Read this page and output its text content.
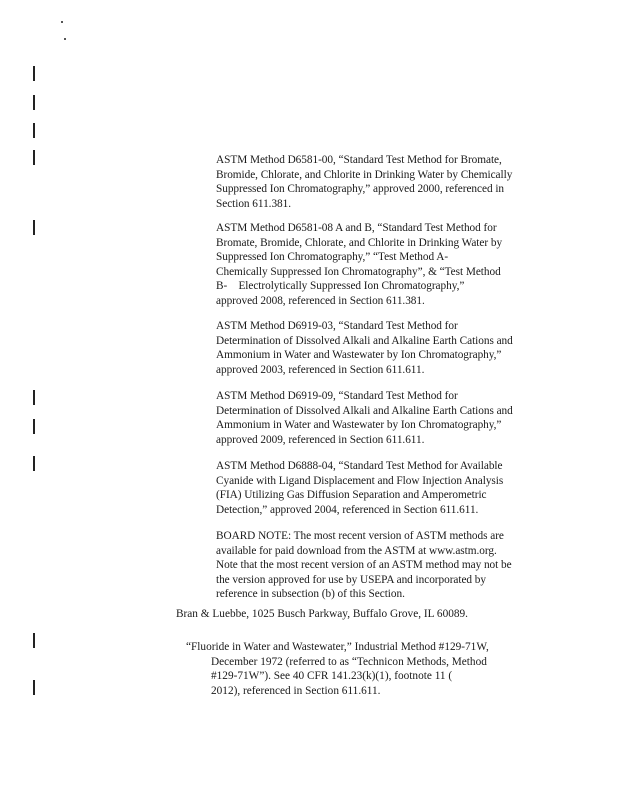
ASTM Method D6581-00, “Standard Test Method for Bromate,
Bromide, Chlorate, and Chlorite in Drinking Water by Chemically
Suppressed Ion Chromatography,” approved 2000, referenced in
Section 611.381.
ASTM Method D6581-08 A and B, “Standard Test Method for
Bromate, Bromide, Chlorate, and Chlorite in Drinking Water by
Suppressed Ion Chromatography,” “Test Method A-
Chemically Suppressed Ion Chromatography”, & “Test Method
B- Electrolytically Suppressed Ion Chromatography,”
approved 2008, referenced in Section 611.381.
ASTM Method D6919-03, “Standard Test Method for
Determination of Dissolved Alkali and Alkaline Earth Cations and
Ammonium in Water and Wastewater by Ion Chromatography,”
approved 2003, referenced in Section 611.611.
ASTM Method D6919-09, “Standard Test Method for
Determination of Dissolved Alkali and Alkaline Earth Cations and
Ammonium in Water and Wastewater by Ion Chromatography,”
approved 2009, referenced in Section 611.611.
ASTM Method D6888-04, “Standard Test Method for Available
Cyanide with Ligand Displacement and Flow Injection Analysis
(FIA) Utilizing Gas Diffusion Separation and Amperometric
Detection,” approved 2004, referenced in Section 611.611.
BOARD NOTE: The most recent version of ASTM methods are
available for paid download from the ASTM at www.astm.org.
Note that the most recent version of an ASTM method may not be
the version approved for use by USEPA and incorporated by
reference in subsection (b) of this Section.
Bran & Luebbe, 1025 Busch Parkway, Buffalo Grove, IL 60089.
“Fluoride in Water and Wastewater,” Industrial Method #129-71W,
December 1972 (referred to as “Technicon Methods, Method
#129-71W”). See 40 CFR 141.23(k)(1), footnote 11 (
2012), referenced in Section 611.611.
